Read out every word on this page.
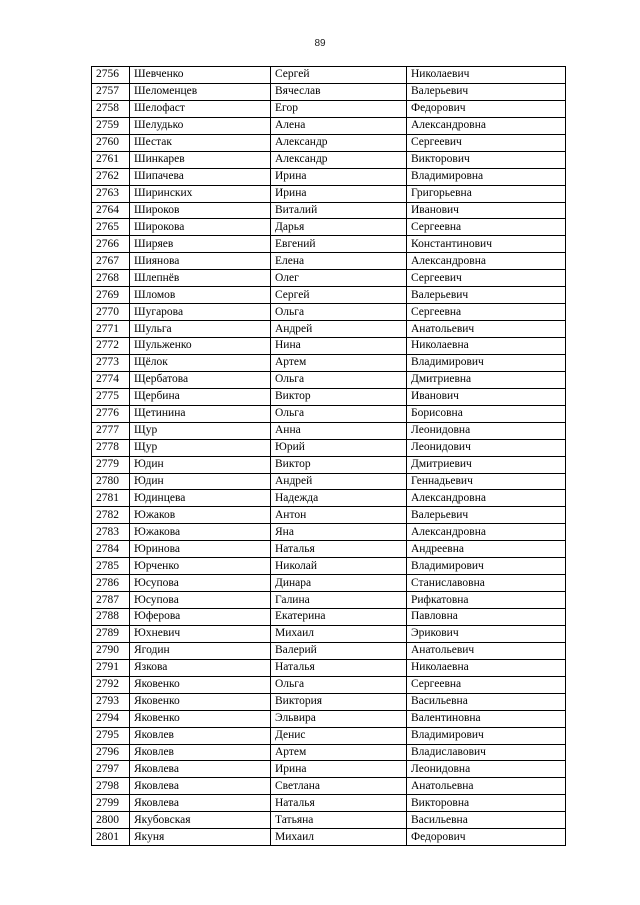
89
2756	Шевченко	Сергей	Николаевич
2757	Шеломенцев	Вячеслав	Валерьевич
2758	Шелофаст	Егор	Федорович
2759	Шелудько	Алена	Александровна
2760	Шестак	Александр	Сергеевич
2761	Шинкарев	Александр	Викторович
2762	Шипачева	Ирина	Владимировна
2763	Ширинских	Ирина	Григорьевна
2764	Широков	Виталий	Иванович
2765	Широкова	Дарья	Сергеевна
2766	Ширяев	Евгений	Константинович
2767	Шиянова	Елена	Александровна
2768	Шлепнёв	Олег	Сергеевич
2769	Шломов	Сергей	Валерьевич
2770	Шугарова	Ольга	Сергеевна
2771	Шульга	Андрей	Анатольевич
2772	Шульженко	Нина	Николаевна
2773	Щёлок	Артем	Владимирович
2774	Щербатова	Ольга	Дмитриевна
2775	Щербина	Виктор	Иванович
2776	Щетинина	Ольга	Борисовна
2777	Щур	Анна	Леонидовна
2778	Щур	Юрий	Леонидович
2779	Юдин	Виктор	Дмитриевич
2780	Юдин	Андрей	Геннадьевич
2781	Юдинцева	Надежда	Александровна
2782	Южаков	Антон	Валерьевич
2783	Южакова	Яна	Александровна
2784	Юринова	Наталья	Андреевна
2785	Юрченко	Николай	Владимирович
2786	Юсупова	Динара	Станиславовна
2787	Юсупова	Галина	Рифкатовна
2788	Юферова	Екатерина	Павловна
2789	Юхневич	Михаил	Эрикович
2790	Ягодин	Валерий	Анатольевич
2791	Язкова	Наталья	Николаевна
2792	Яковенко	Ольга	Сергеевна
2793	Яковенко	Виктория	Васильевна
2794	Яковенко	Эльвира	Валентиновна
2795	Яковлев	Денис	Владимирович
2796	Яковлев	Артем	Владиславович
2797	Яковлева	Ирина	Леонидовна
2798	Яковлева	Светлана	Анатольевна
2799	Яковлева	Наталья	Викторовна
2800	Якубовская	Татьяна	Васильевна
2801	Якуня	Михаил	Федорович
